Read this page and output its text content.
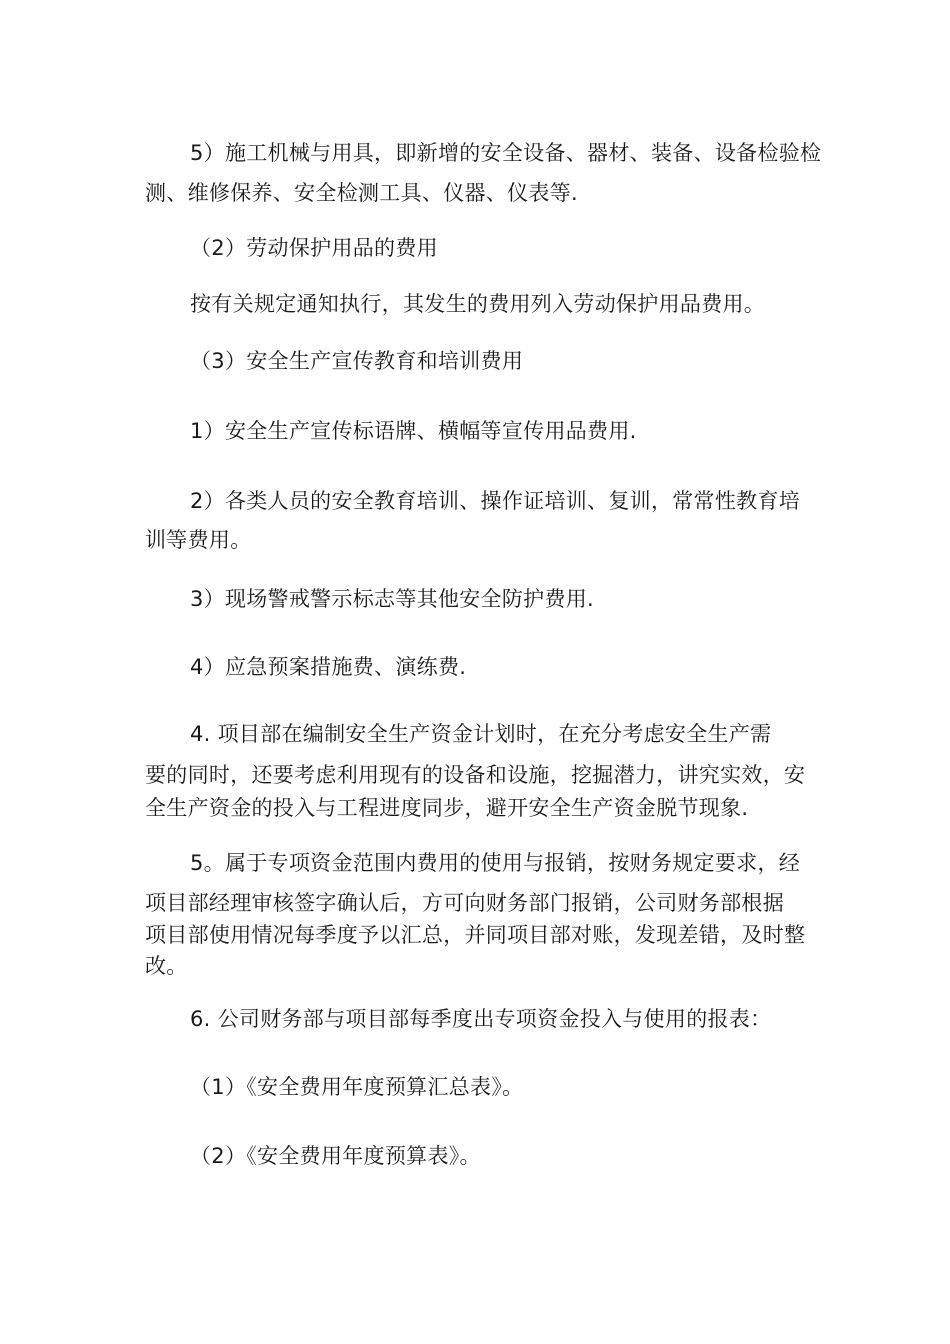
5）施工机械与用具，即新增的安全设备、器材、装备、设备检验检
测、维修保养、安全检测工具、仪器、仪表等.
（2）劳动保护用品的费用
按有关规定通知执行，其发生的费用列入劳动保护用品费用。
（3）安全生产宣传教育和培训费用
1）安全生产宣传标语牌、横幅等宣传用品费用.
2）各类人员的安全教育培训、操作证培训、复训，常常性教育培
训等费用。
3）现场警戒警示标志等其他安全防护费用.
4）应急预案措施费、演练费.
4. 项目部在编制安全生产资金计划时，在充分考虑安全生产需
要的同时，还要考虑利用现有的设备和设施，挖掘潜力，讲究实效，安
全生产资金的投入与工程进度同步，避开安全生产资金脱节现象.
5。属于专项资金范围内费用的使用与报销，按财务规定要求，经
项目部经理审核签字确认后，方可向财务部门报销，公司财务部根据
项目部使用情况每季度予以汇总，并同项目部对账，发现差错，及时整
改。
6. 公司财务部与项目部每季度出专项资金投入与使用的报表：
（1）《安全费用年度预算汇总表》。
（2）《安全费用年度预算表》。
